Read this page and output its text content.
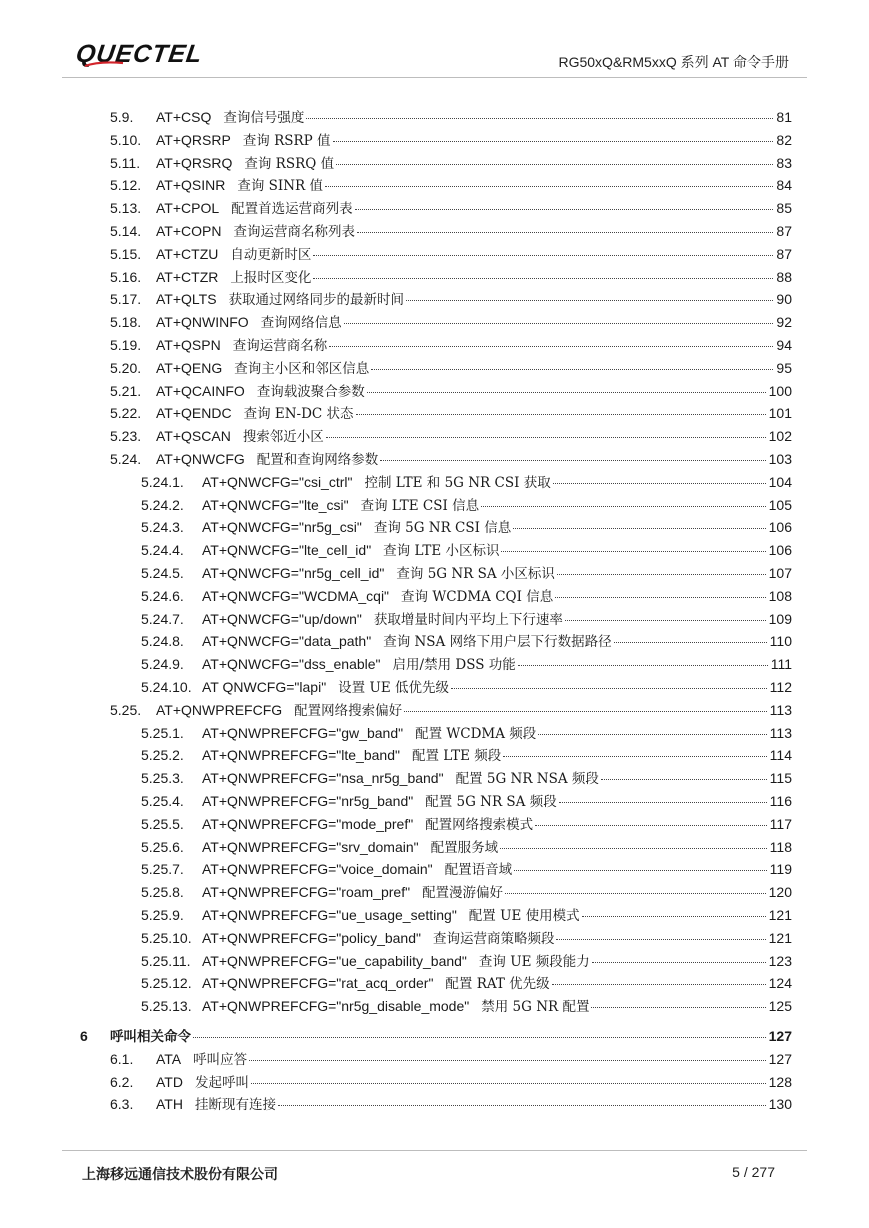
QUECTEL	RG50xQ&RM5xxQ 系列 AT 命令手册
5.9.	AT+CSQ 查询信号强度	81
5.10.	AT+QRSRP 查询 RSRP 值	82
5.11.	AT+QRSRQ 查询 RSRQ 值	83
5.12.	AT+QSINR 查询 SINR 值	84
5.13.	AT+CPOL 配置首选运营商列表	85
5.14.	AT+COPN 查询运营商名称列表	87
5.15.	AT+CTZU 自动更新时区	87
5.16.	AT+CTZR 上报时区变化	88
5.17.	AT+QLTS 获取通过网络同步的最新时间	90
5.18.	AT+QNWINFO 查询网络信息	92
5.19.	AT+QSPN 查询运营商名称	94
5.20.	AT+QENG 查询主小区和邻区信息	95
5.21.	AT+QCAINFO 查询载波聚合参数	100
5.22.	AT+QENDC 查询 EN-DC 状态	101
5.23.	AT+QSCAN 搜索邻近小区	102
5.24.	AT+QNWCFG 配置和查询网络参数	103
5.24.1.	AT+QNWCFG="csi_ctrl" 控制 LTE 和 5G NR CSI 获取	104
5.24.2.	AT+QNWCFG="lte_csi" 查询 LTE CSI 信息	105
5.24.3.	AT+QNWCFG="nr5g_csi" 查询 5G NR CSI 信息	106
5.24.4.	AT+QNWCFG="lte_cell_id" 查询 LTE 小区标识	106
5.24.5.	AT+QNWCFG="nr5g_cell_id" 查询 5G NR SA 小区标识	107
5.24.6.	AT+QNWCFG="WCDMA_cqi" 查询 WCDMA CQI 信息	108
5.24.7.	AT+QNWCFG="up/down" 获取增量时间内平均上下行速率	109
5.24.8.	AT+QNWCFG="data_path" 查询 NSA 网络下用户层下行数据路径	110
5.24.9.	AT+QNWCFG="dss_enable" 启用/禁用 DSS 功能	111
5.24.10. AT QNWCFG="lapi" 设置 UE 低优先级	112
5.25.	AT+QNWPREFCFG 配置网络搜索偏好	113
5.25.1.	AT+QNWPREFCFG="gw_band" 配置 WCDMA 频段	113
5.25.2.	AT+QNWPREFCFG="lte_band" 配置 LTE 频段	114
5.25.3.	AT+QNWPREFCFG="nsa_nr5g_band" 配置 5G NR NSA 频段	115
5.25.4.	AT+QNWPREFCFG="nr5g_band" 配置 5G NR SA 频段	116
5.25.5.	AT+QNWPREFCFG="mode_pref" 配置网络搜索模式	117
5.25.6.	AT+QNWPREFCFG="srv_domain" 配置服务域	118
5.25.7.	AT+QNWPREFCFG="voice_domain" 配置语音域	119
5.25.8.	AT+QNWPREFCFG="roam_pref" 配置漫游偏好	120
5.25.9.	AT+QNWPREFCFG="ue_usage_setting" 配置 UE 使用模式	121
5.25.10. AT+QNWPREFCFG="policy_band" 查询运营商策略频段	121
5.25.11. AT+QNWPREFCFG="ue_capability_band" 查询 UE 频段能力	123
5.25.12. AT+QNWPREFCFG="rat_acq_order" 配置 RAT 优先级	124
5.25.13. AT+QNWPREFCFG="nr5g_disable_mode" 禁用 5G NR 配置	125
6	呼叫相关命令	127
6.1.	ATA 呼叫应答	127
6.2.	ATD 发起呼叫	128
6.3.	ATH 挂断现有连接	130
上海移远通信技术股份有限公司	5 / 277
